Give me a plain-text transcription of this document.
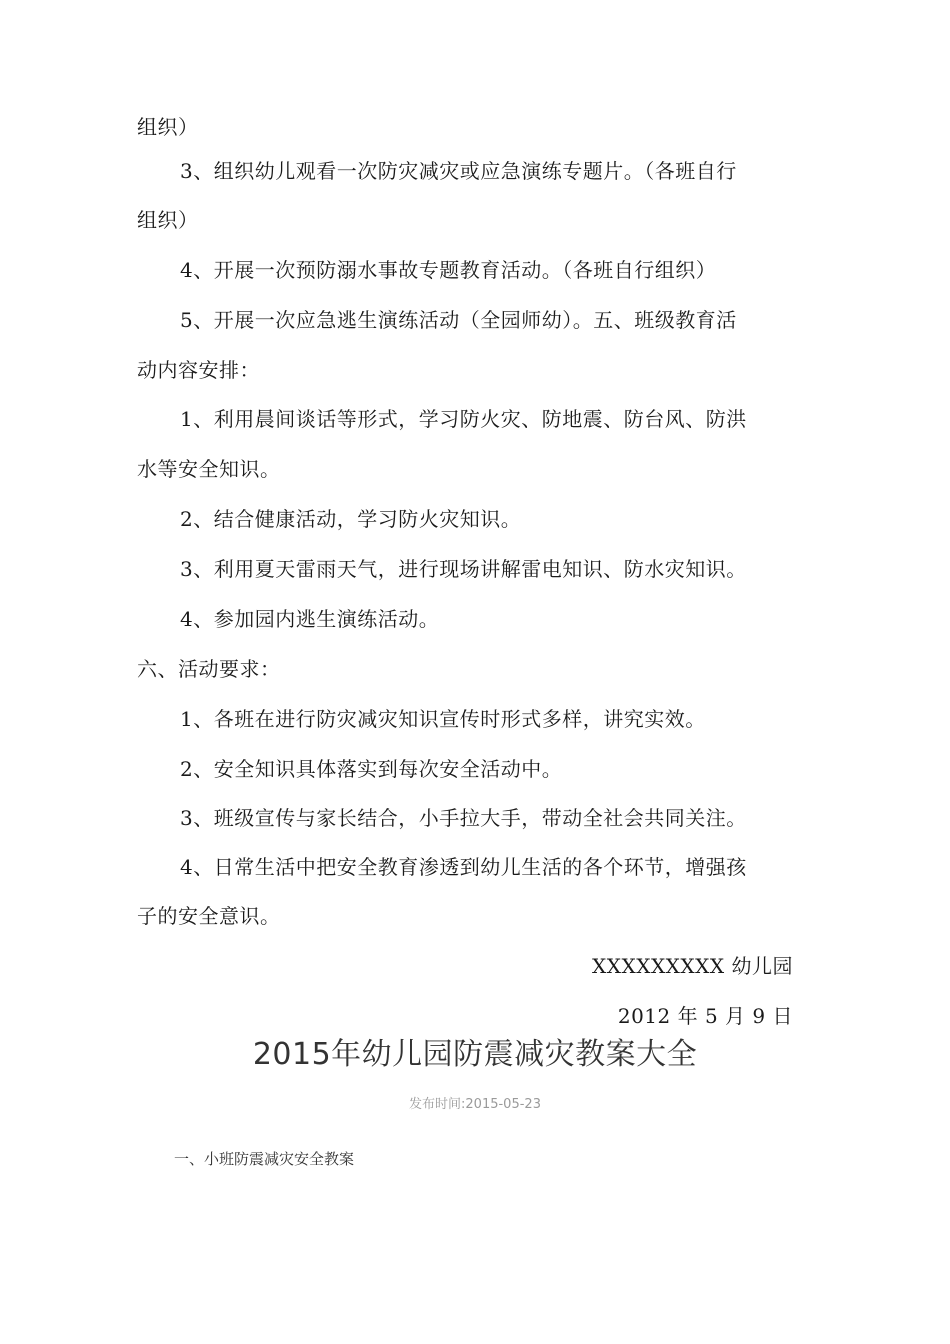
组织）
3、组织幼儿观看一次防灾减灾或应急演练专题片。（各班自行
组织）
4、开展一次预防溺水事故专题教育活动。（各班自行组织）
5、开展一次应急逃生演练活动（全园师幼）。五、班级教育活
动内容安排：
1、利用晨间谈话等形式，学习防火灾、防地震、防台风、防洪
水等安全知识。
2、结合健康活动，学习防火灾知识。
3、利用夏天雷雨天气，进行现场讲解雷电知识、防水灾知识。
4、参加园内逃生演练活动。
六、活动要求：
1、各班在进行防灾减灾知识宣传时形式多样，讲究实效。
2、安全知识具体落实到每次安全活动中。
3、班级宣传与家长结合，小手拉大手，带动全社会共同关注。
4、日常生活中把安全教育渗透到幼儿生活的各个环节，增强孩
子的安全意识。
XXXXXXXXX 幼儿园
2012 年 5 月 9 日
2015年幼儿园防震减灾教案大全
发布时间:2015-05-23
一、小班防震减灾安全教案
